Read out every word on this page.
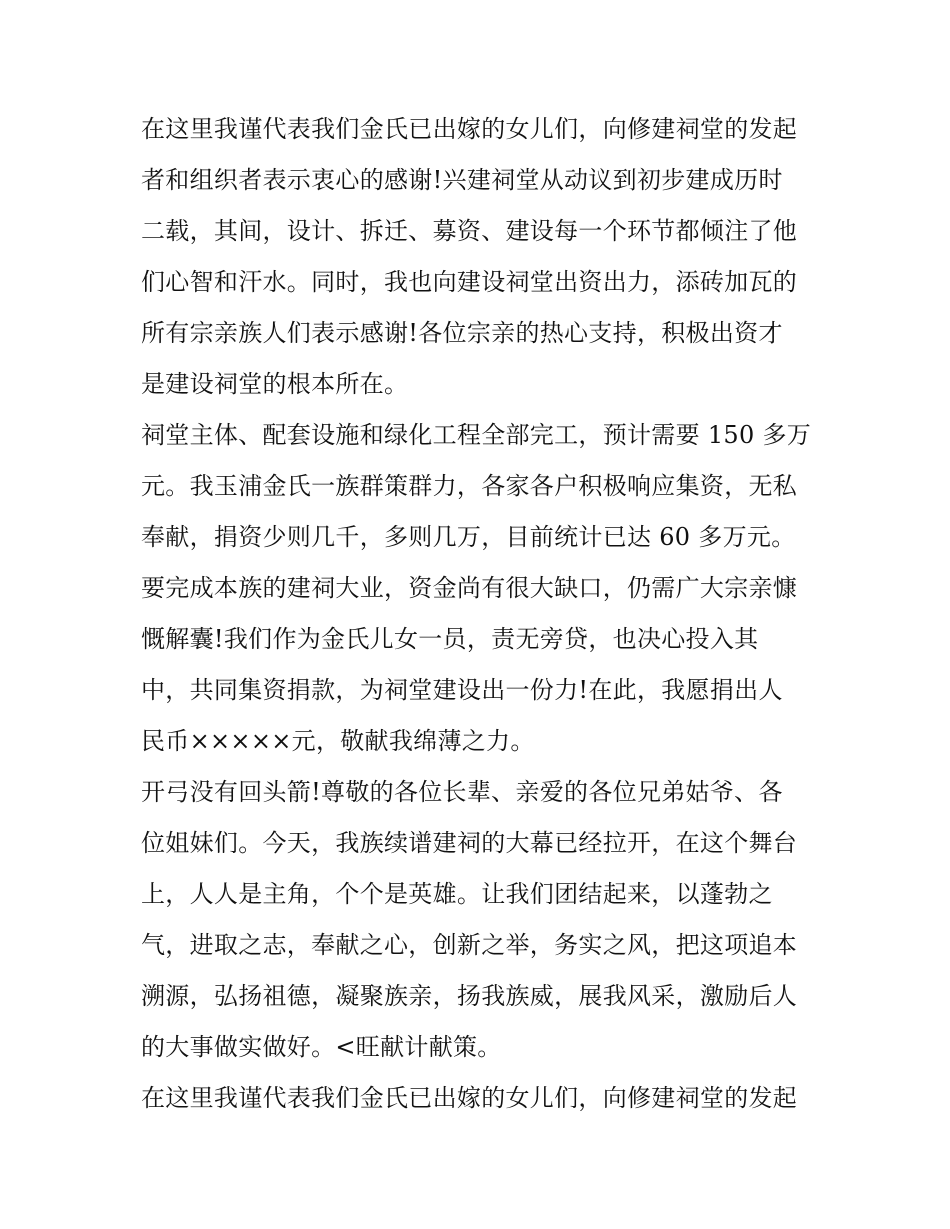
在这里我谨代表我们金氏已出嫁的女儿们，向修建祠堂的发起
者和组织者表示衷心的感谢!兴建祠堂从动议到初步建成历时
二载，其间，设计、拆迁、募资、建设每一个环节都倾注了他
们心智和汗水。同时，我也向建设祠堂出资出力，添砖加瓦的
所有宗亲族人们表示感谢!各位宗亲的热心支持，积极出资才
是建设祠堂的根本所在。
祠堂主体、配套设施和绿化工程全部完工，预计需要 150 多万
元。我玉浦金氏一族群策群力，各家各户积极响应集资，无私
奉献，捐资少则几千，多则几万，目前统计已达 60 多万元。
要完成本族的建祠大业，资金尚有很大缺口，仍需广大宗亲慷
慨解囊!我们作为金氏儿女一员，责无旁贷，也决心投入其
中，共同集资捐款，为祠堂建设出一份力!在此，我愿捐出人
民币×××××元，敬献我绵薄之力。
开弓没有回头箭!尊敬的各位长辈、亲爱的各位兄弟姑爷、各
位姐妹们。今天，我族续谱建祠的大幕已经拉开，在这个舞台
上，人人是主角，个个是英雄。让我们团结起来，以蓬勃之
气，进取之志，奉献之心，创新之举，务实之风，把这项追本
溯源，弘扬祖德，凝聚族亲，扬我族威，展我风采，激励后人
的大事做实做好。<旺献计献策。
在这里我谨代表我们金氏已出嫁的女儿们，向修建祠堂的发起
